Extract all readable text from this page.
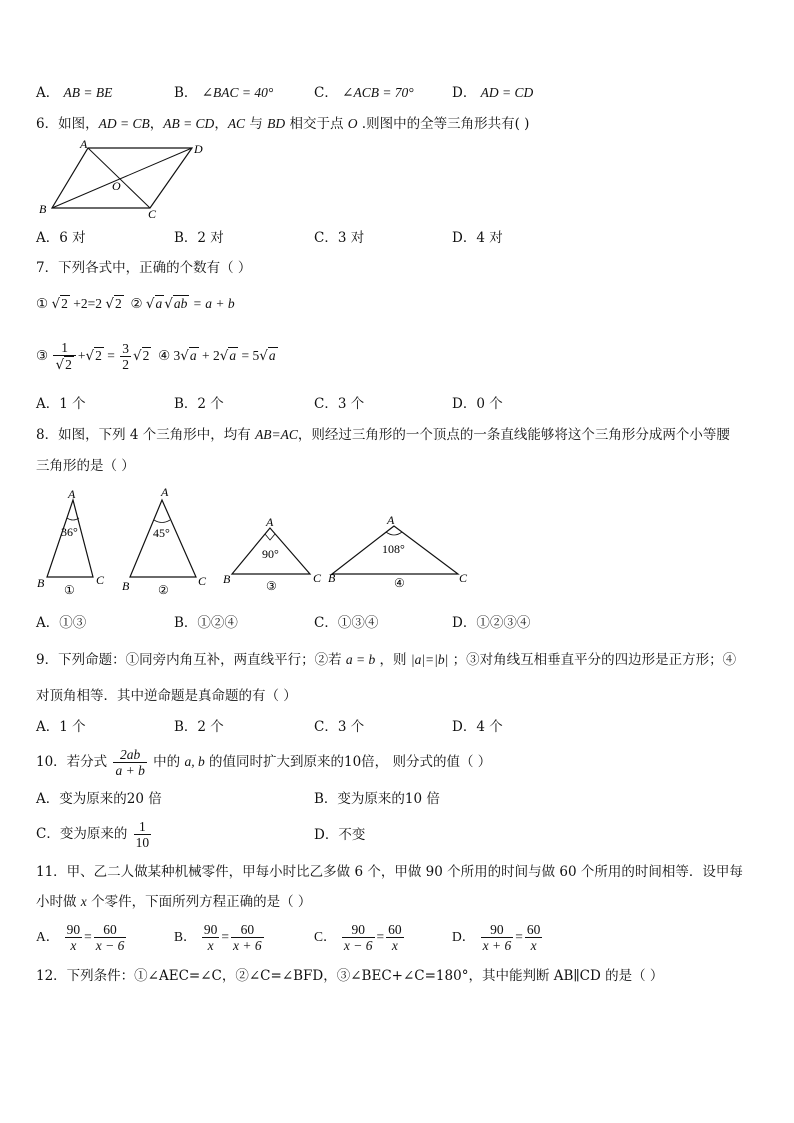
A． AB = BE	B． ∠BAC = 40°	C． ∠ACB = 70°	D． AD = CD
6．如图，AD = CB，AB = CD，AC 与 BD 相交于点 O .则图中的全等三角形共有( )
A	D
O
B	C
A．6 对	B．2 对	C．3 对	D．4 对
7．下列各式中，正确的个数有（ ）
① √2 +2=2 √2 ② √a √ab = a + b
③ $\frac{1}{√2} +√2 = \frac{3}{2} √2$ ④ 3√a + 2√a = 5√a
A．1 个	B．2 个	C．3 个	D．0 个
8．如图，下列 4 个三角形中，均有 AB=AC，则经过三角形的一个顶点的一条直线能够将这个三角形分成两个小等腰
三角形的是（ ）
A
B	C
36°
①
A
B	C
45°
②
A
B	C
90°
③
A
B	C
108°
④
A．①③	B．①②④	C．①③④	D．①②③④
9．下列命题：①同旁内角互补，两直线平行；②若 a = b ，则 |a|=|b| ；③对角线互相垂直平分的四边形是正方形；④
对顶角相等．其中逆命题是真命题的有（ ）
A．1 个	B．2 个	C．3 个	D．4 个
10．若分式 $\frac{2ab}{a + b}$ 中的 a, b 的值同时扩大到原来的10倍， 则分式的值（ ）
A．变为原来的20 倍	B．变为原来的10 倍
C．变为原来的 $\frac{1}{10}$	D．不变
11．甲、乙二人做某种机械零件，甲每小时比乙多做 6 个，甲做 90 个所用的时间与做 60 个所用的时间相等．设甲每
小时做 x 个零件，下面所列方程正确的是（ ）
A． $\frac{90}{x} = \frac{60}{x - 6}$	B． $\frac{90}{x} = \frac{60}{x + 6}$	C． $\frac{90}{x - 6} = \frac{60}{x}$	D． $\frac{90}{x + 6} = \frac{60}{x}$
12．下列条件：①∠AEC=∠C，②∠C=∠BFD，③∠BEC+∠C=180°，其中能判断 AB∥CD 的是（ ）
